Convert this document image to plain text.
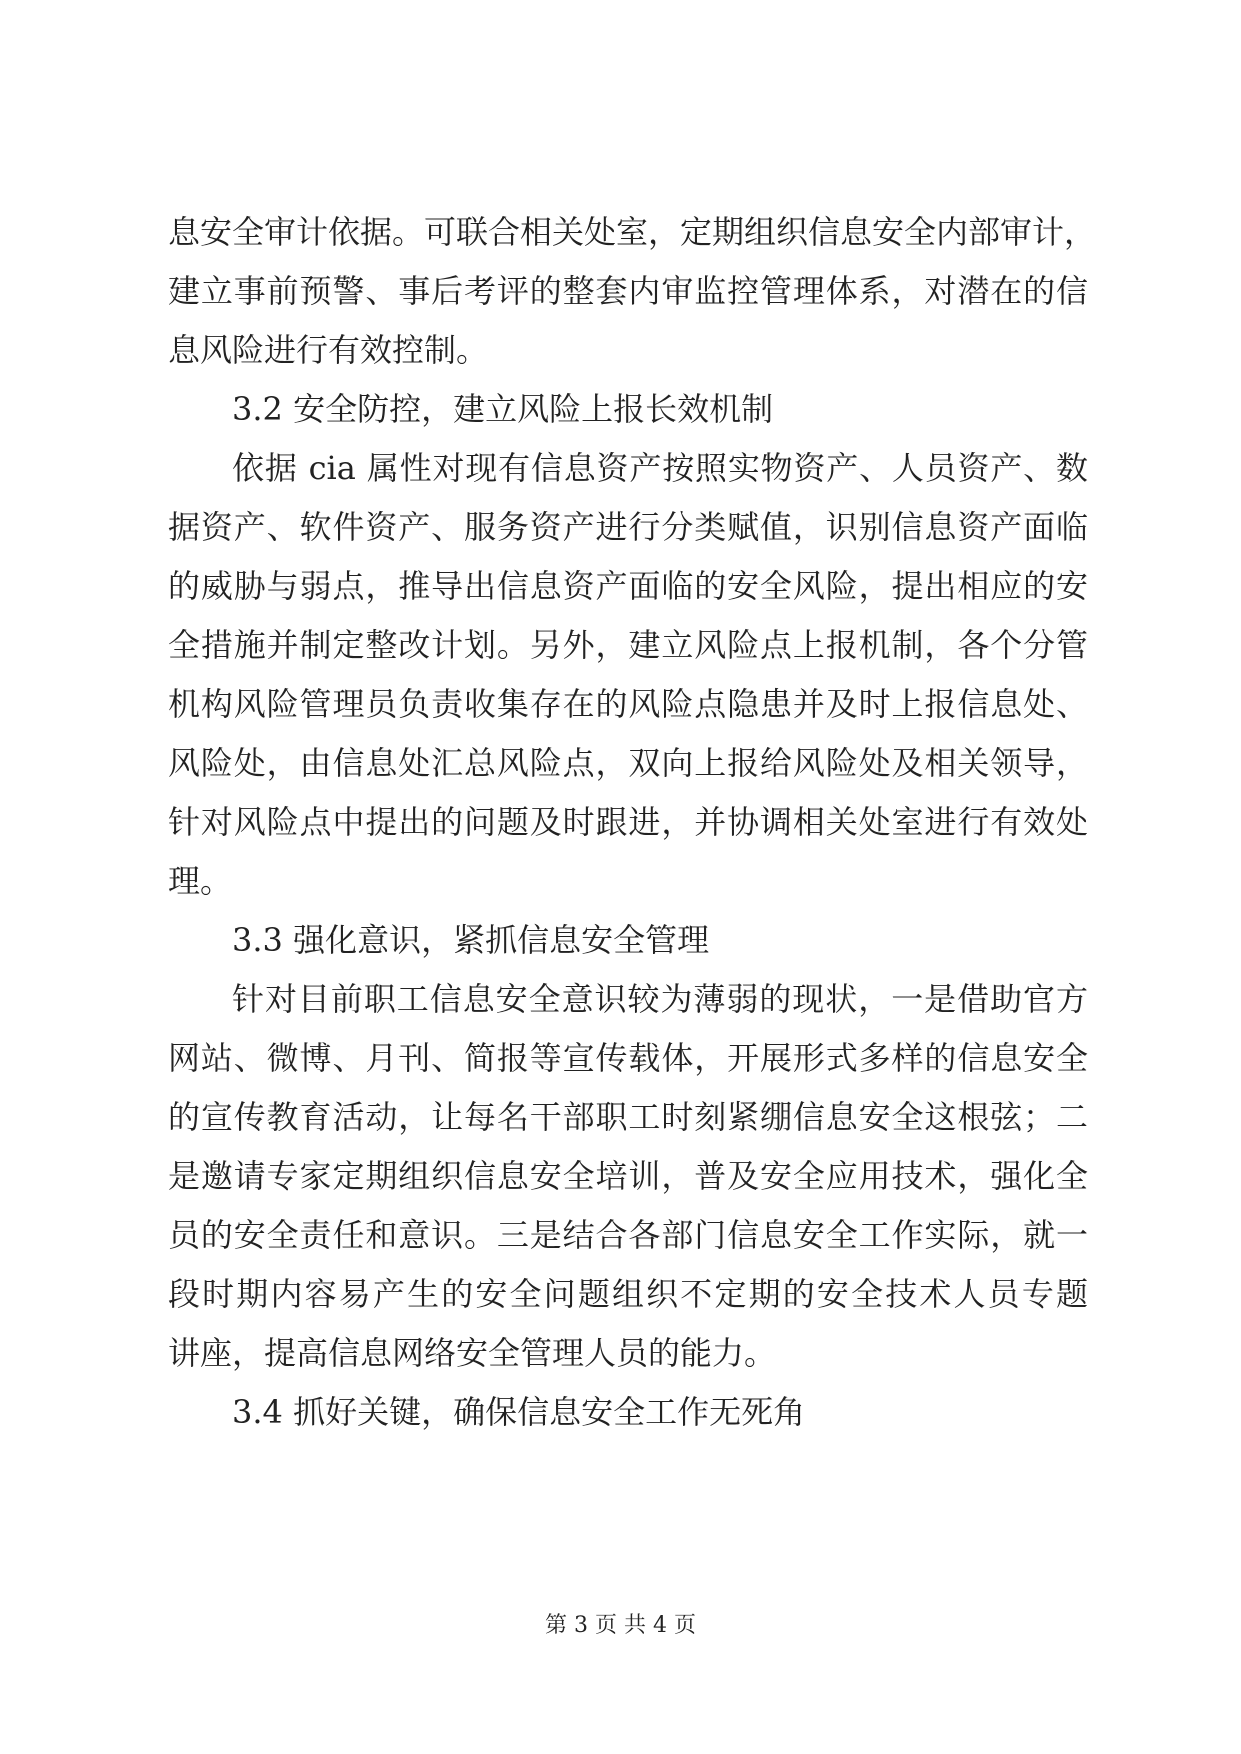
息安全审计依据。可联合相关处室，定期组织信息安全内部审计，
建立事前预警、事后考评的整套内审监控管理体系，对潜在的信
息风险进行有效控制。
3.2 安全防控，建立风险上报长效机制
依据 cia 属性对现有信息资产按照实物资产、人员资产、数
据资产、软件资产、服务资产进行分类赋值，识别信息资产面临
的威胁与弱点，推导出信息资产面临的安全风险，提出相应的安
全措施并制定整改计划。另外，建立风险点上报机制，各个分管
机构风险管理员负责收集存在的风险点隐患并及时上报信息处、
风险处，由信息处汇总风险点，双向上报给风险处及相关领导，
针对风险点中提出的问题及时跟进，并协调相关处室进行有效处
理。
3.3 强化意识，紧抓信息安全管理
针对目前职工信息安全意识较为薄弱的现状，一是借助官方
网站、微博、月刊、简报等宣传载体，开展形式多样的信息安全
的宣传教育活动，让每名干部职工时刻紧绷信息安全这根弦；二
是邀请专家定期组织信息安全培训，普及安全应用技术，强化全
员的安全责任和意识。三是结合各部门信息安全工作实际，就一
段时期内容易产生的安全问题组织不定期的安全技术人员专题
讲座，提高信息网络安全管理人员的能力。
3.4 抓好关键，确保信息安全工作无死角
第 3 页 共 4 页
